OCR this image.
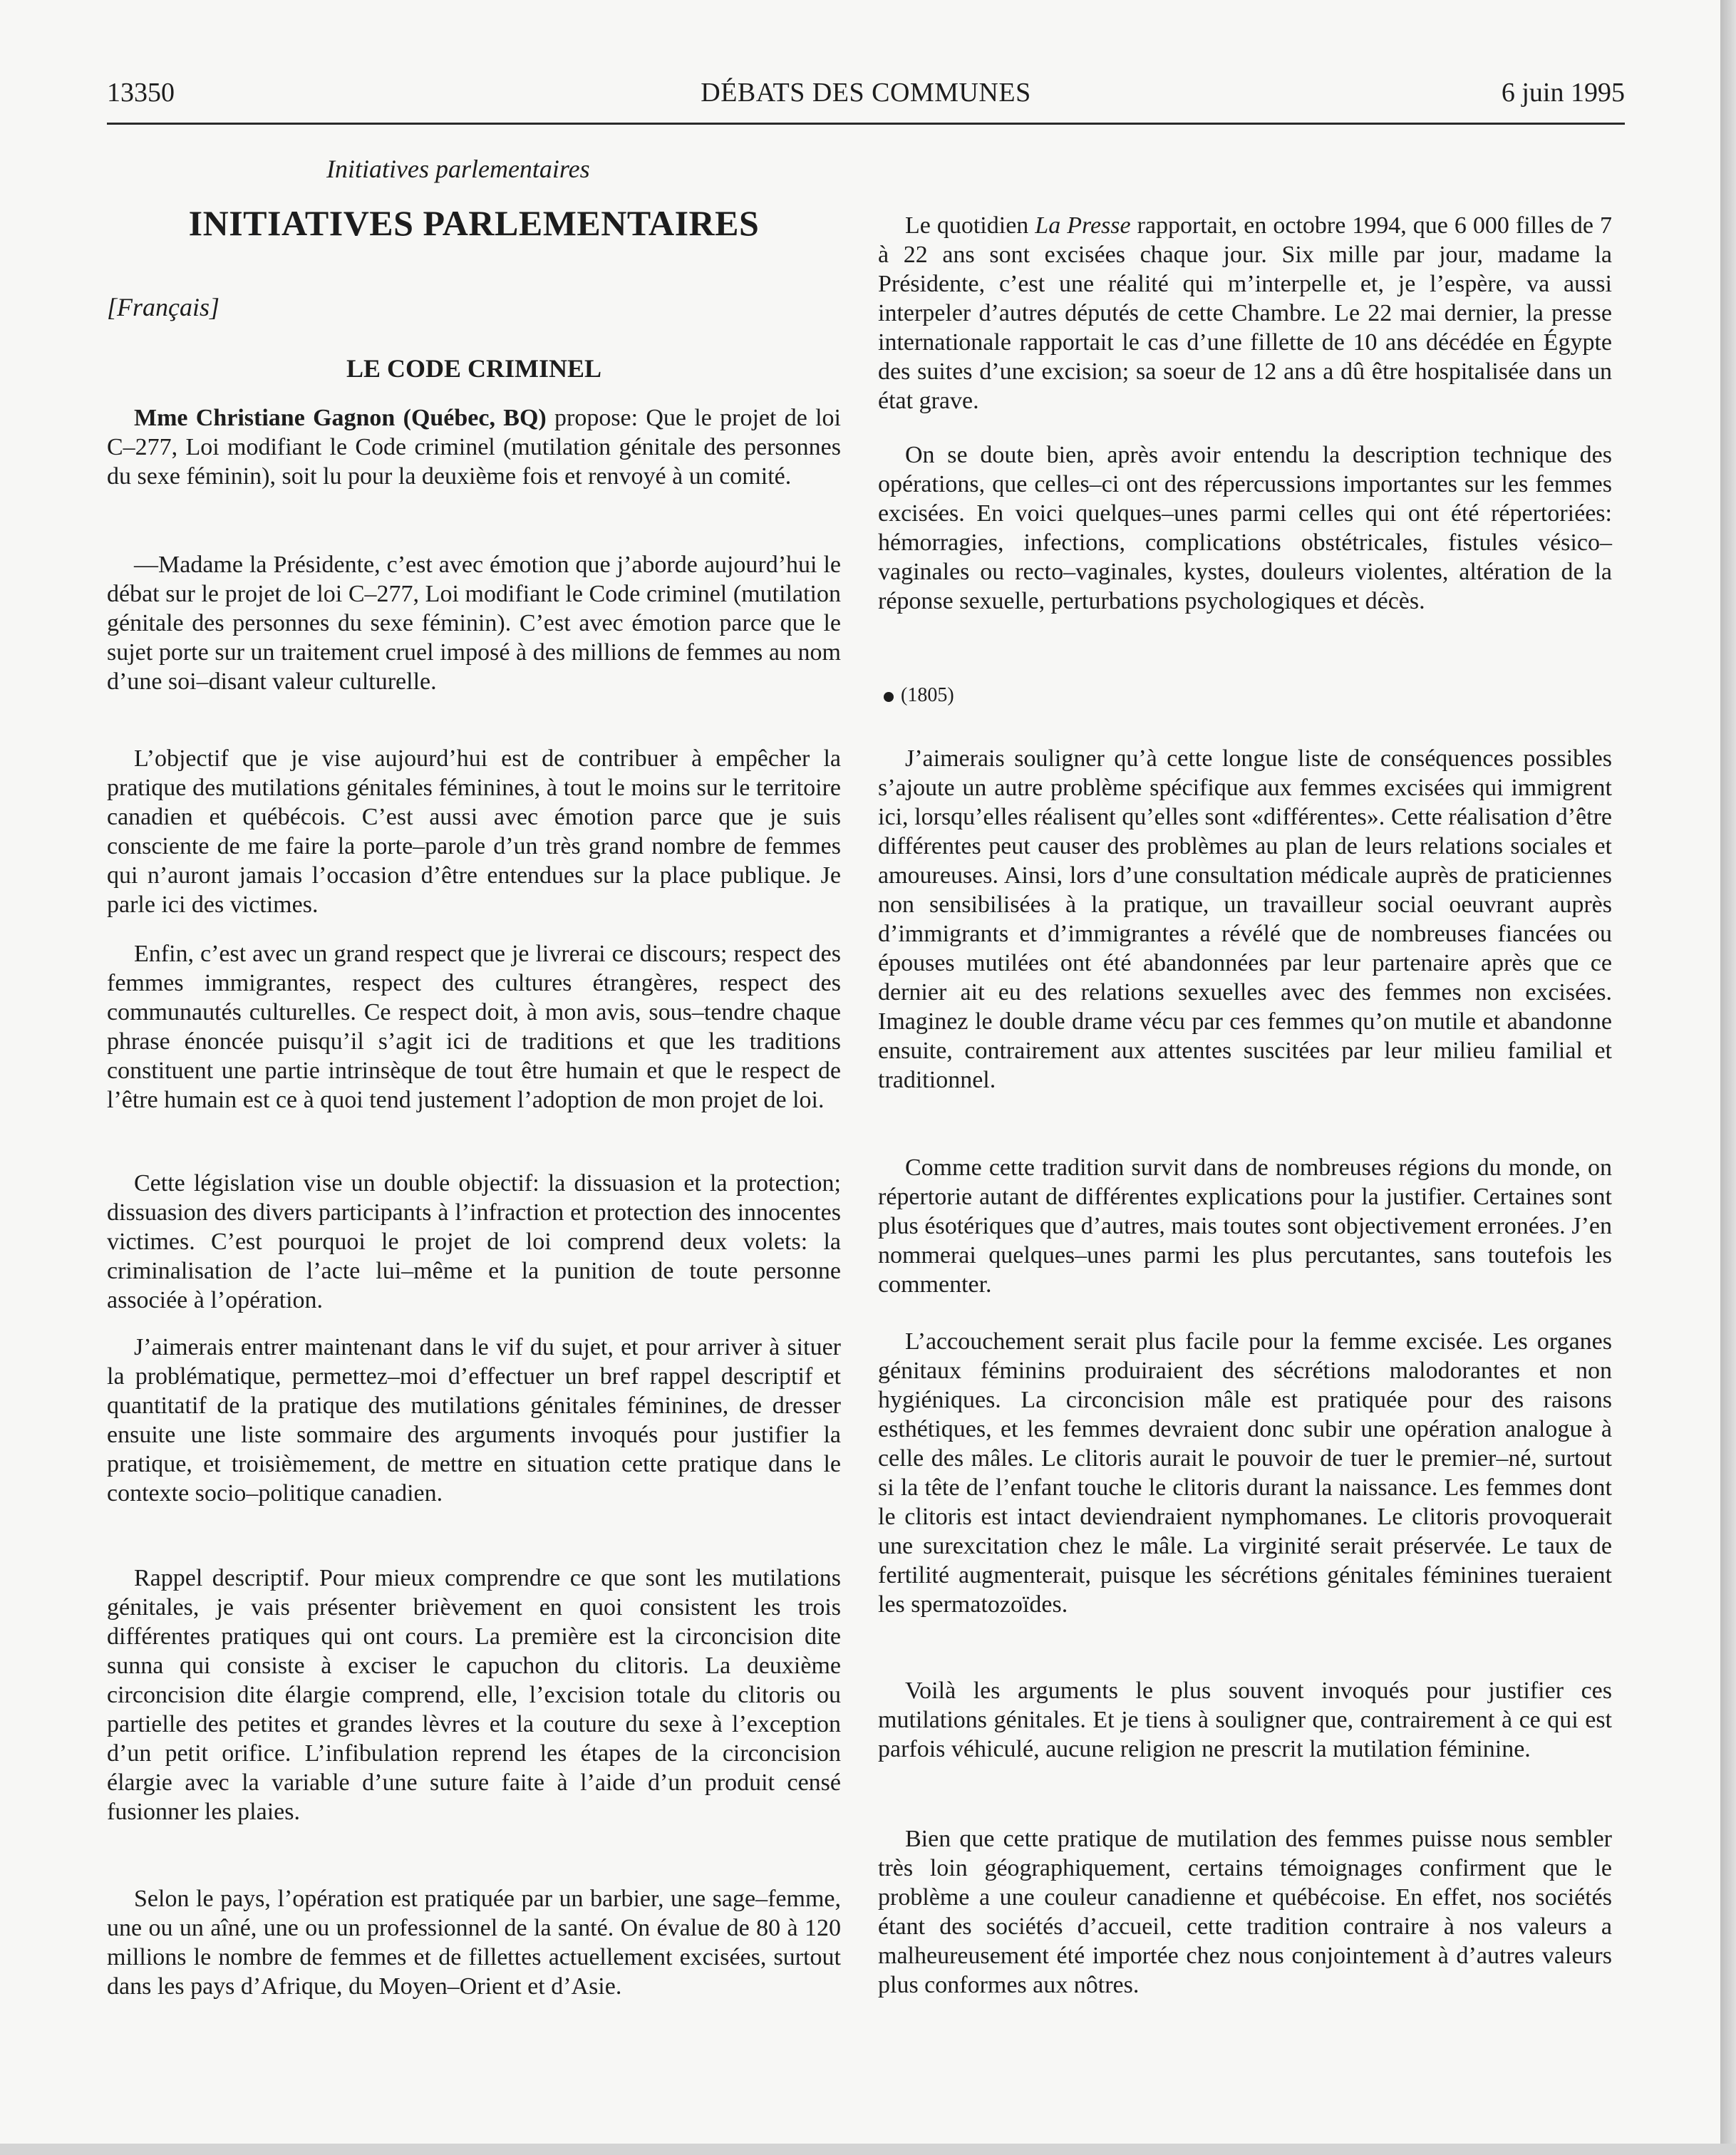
13350	DÉBATS DES COMMUNES	6 juin 1995
Initiatives parlementaires
INITIATIVES PARLEMENTAIRES
[Français]
LE CODE CRIMINEL

Mme Christiane Gagnon (Québec, BQ) propose: Que le projet de loi C–277, Loi modifiant le Code criminel (mutilation génitale des personnes du sexe féminin), soit lu pour la deuxième fois et renvoyé à un comité.

—Madame la Présidente, c’est avec émotion que j’aborde aujourd’hui le débat sur le projet de loi C–277, Loi modifiant le Code criminel (mutilation génitale des personnes du sexe féminin). C’est avec émotion parce que le sujet porte sur un traitement cruel imposé à des millions de femmes au nom d’une soi–disant valeur culturelle.

L’objectif que je vise aujourd’hui est de contribuer à empêcher la pratique des mutilations génitales féminines, à tout le moins sur le territoire canadien et québécois. C’est aussi avec émotion parce que je suis consciente de me faire la porte–parole d’un très grand nombre de femmes qui n’auront jamais l’occasion d’être entendues sur la place publique. Je parle ici des victimes.

Enfin, c’est avec un grand respect que je livrerai ce discours; respect des femmes immigrantes, respect des cultures étrangères, respect des communautés culturelles. Ce respect doit, à mon avis, sous–tendre chaque phrase énoncée puisqu’il s’agit ici de traditions et que les traditions constituent une partie intrinsèque de tout être humain et que le respect de l’être humain est ce à quoi tend justement l’adoption de mon projet de loi.

Cette législation vise un double objectif: la dissuasion et la protection; dissuasion des divers participants à l’infraction et protection des innocentes victimes. C’est pourquoi le projet de loi comprend deux volets: la criminalisation de l’acte lui–même et la punition de toute personne associée à l’opération.

J’aimerais entrer maintenant dans le vif du sujet, et pour arriver à situer la problématique, permettez–moi d’effectuer un bref rappel descriptif et quantitatif de la pratique des mutilations génitales féminines, de dresser ensuite une liste sommaire des arguments invoqués pour justifier la pratique, et troisièmement, de mettre en situation cette pratique dans le contexte socio–politique canadien.

Rappel descriptif. Pour mieux comprendre ce que sont les mutilations génitales, je vais présenter brièvement en quoi consistent les trois différentes pratiques qui ont cours. La première est la circoncision dite sunna qui consiste à exciser le capuchon du clitoris. La deuxième circoncision dite élargie comprend, elle, l’excision totale du clitoris ou partielle des petites et grandes lèvres et la couture du sexe à l’exception d’un petit orifice. L’infibulation reprend les étapes de la circoncision élargie avec la variable d’une suture faite à l’aide d’un produit censé fusionner les plaies.

Selon le pays, l’opération est pratiquée par un barbier, une sage–femme, une ou un aîné, une ou un professionnel de la santé. On évalue de 80 à 120 millions le nombre de femmes et de fillettes actuellement excisées, surtout dans les pays d’Afrique, du Moyen–Orient et d’Asie.

Le quotidien La Presse rapportait, en octobre 1994, que 6 000 filles de 7 à 22 ans sont excisées chaque jour. Six mille par jour, madame la Présidente, c’est une réalité qui m’interpelle et, je l’espère, va aussi interpeler d’autres députés de cette Chambre. Le 22 mai dernier, la presse internationale rapportait le cas d’une fillette de 10 ans décédée en Égypte des suites d’une excision; sa soeur de 12 ans a dû être hospitalisée dans un état grave.

On se doute bien, après avoir entendu la description technique des opérations, que celles–ci ont des répercussions importantes sur les femmes excisées. En voici quelques–unes parmi celles qui ont été répertoriées: hémorragies, infections, complications obstétricales, fistules vésico–vaginales ou recto–vaginales, kystes, douleurs violentes, altération de la réponse sexuelle, perturbations psychologiques et décès.

(1805)

J’aimerais souligner qu’à cette longue liste de conséquences possibles s’ajoute un autre problème spécifique aux femmes excisées qui immigrent ici, lorsqu’elles réalisent qu’elles sont «différentes». Cette réalisation d’être différentes peut causer des problèmes au plan de leurs relations sociales et amoureuses. Ainsi, lors d’une consultation médicale auprès de praticiennes non sensibilisées à la pratique, un travailleur social oeuvrant auprès d’immigrants et d’immigrantes a révélé que de nombreuses fiancées ou épouses mutilées ont été abandonnées par leur partenaire après que ce dernier ait eu des relations sexuelles avec des femmes non excisées. Imaginez le double drame vécu par ces femmes qu’on mutile et abandonne ensuite, contrairement aux attentes suscitées par leur milieu familial et traditionnel.

Comme cette tradition survit dans de nombreuses régions du monde, on répertorie autant de différentes explications pour la justifier. Certaines sont plus ésotériques que d’autres, mais toutes sont objectivement erronées. J’en nommerai quelques–unes parmi les plus percutantes, sans toutefois les commenter.

L’accouchement serait plus facile pour la femme excisée. Les organes génitaux féminins produiraient des sécrétions malodorantes et non hygiéniques. La circoncision mâle est pratiquée pour des raisons esthétiques, et les femmes devraient donc subir une opération analogue à celle des mâles. Le clitoris aurait le pouvoir de tuer le premier–né, surtout si la tête de l’enfant touche le clitoris durant la naissance. Les femmes dont le clitoris est intact deviendraient nymphomanes. Le clitoris provoquerait une surexcitation chez le mâle. La virginité serait préservée. Le taux de fertilité augmenterait, puisque les sécrétions génitales féminines tueraient les spermatozoïdes.

Voilà les arguments le plus souvent invoqués pour justifier ces mutilations génitales. Et je tiens à souligner que, contrairement à ce qui est parfois véhiculé, aucune religion ne prescrit la mutilation féminine.

Bien que cette pratique de mutilation des femmes puisse nous sembler très loin géographiquement, certains témoignages confirment que le problème a une couleur canadienne et québécoise. En effet, nos sociétés étant des sociétés d’accueil, cette tradition contraire à nos valeurs a malheureusement été importée chez nous conjointement à d’autres valeurs plus conformes aux nôtres.
